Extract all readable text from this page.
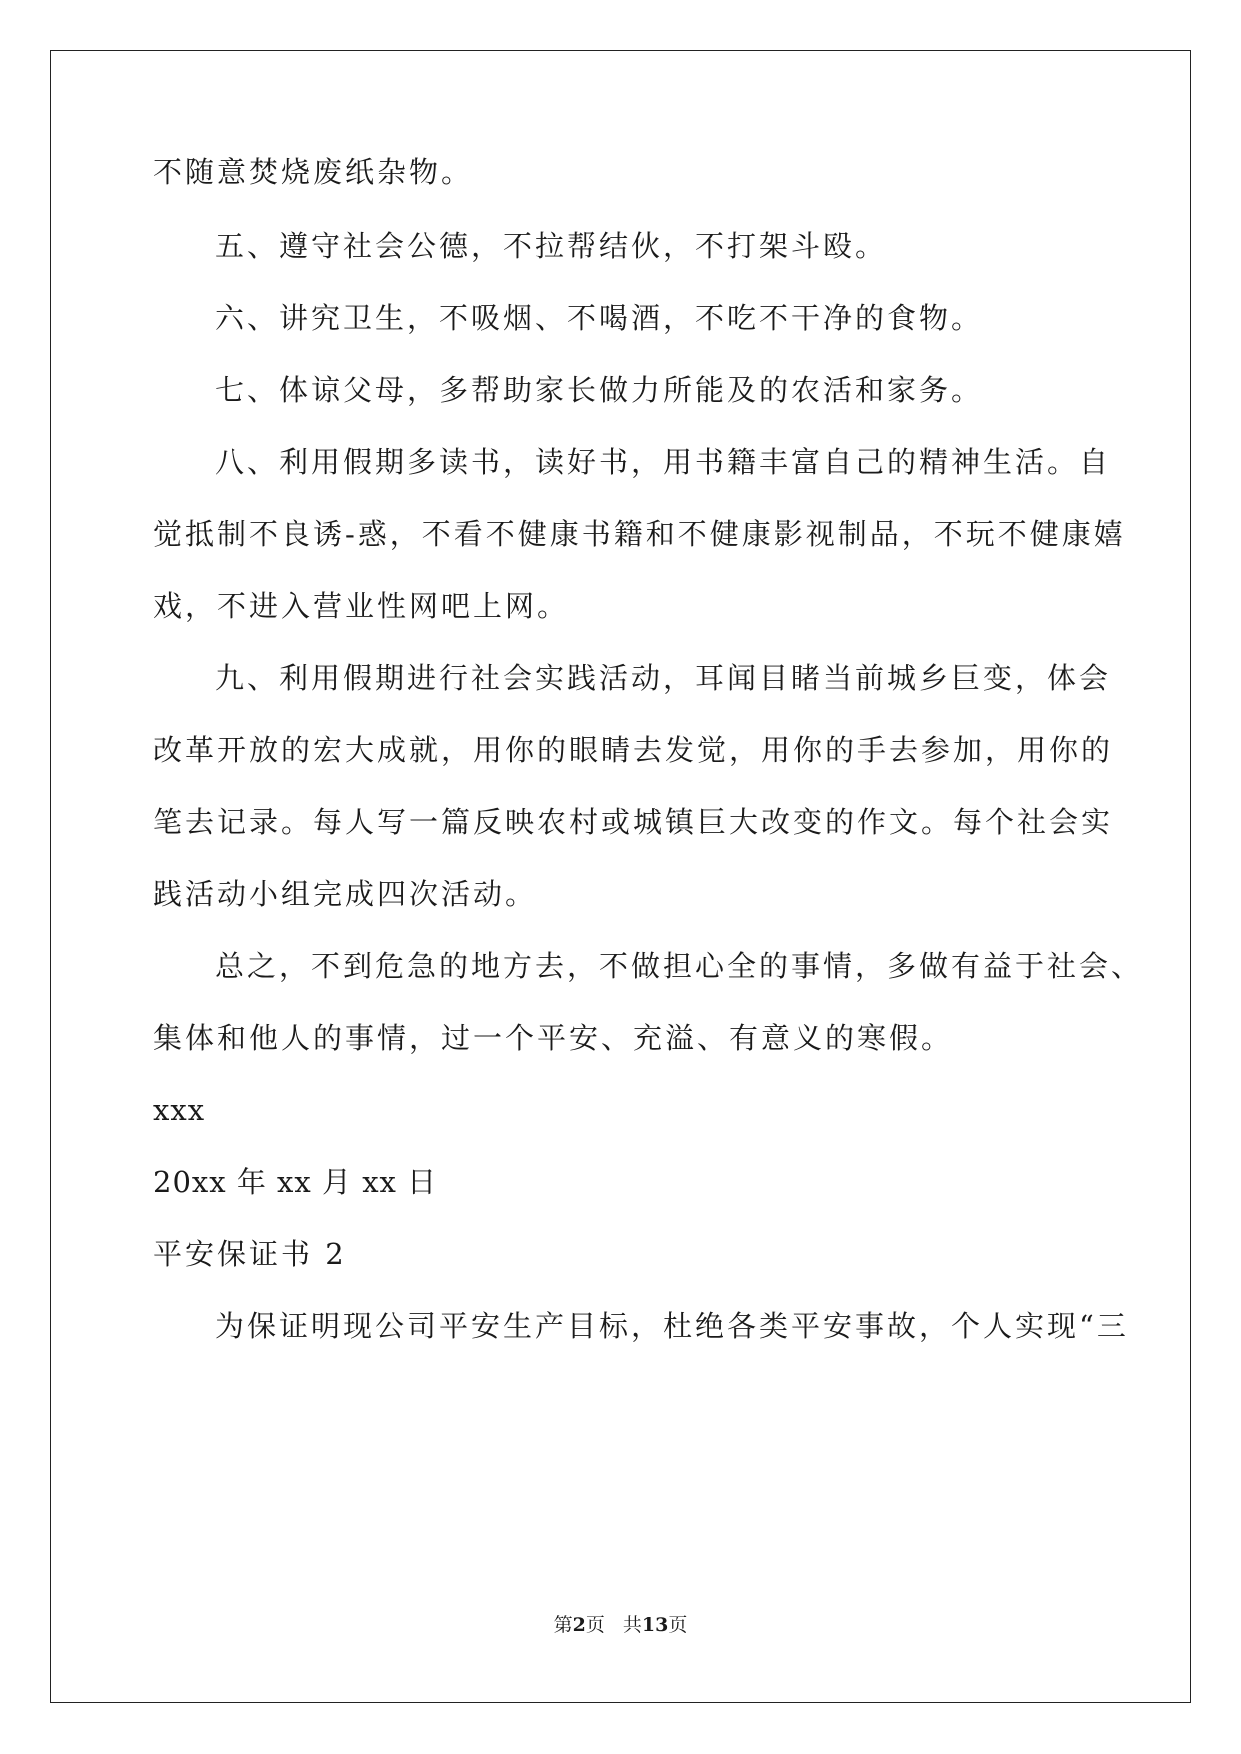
不随意焚烧废纸杂物。
五、遵守社会公德，不拉帮结伙，不打架斗殴。
六、讲究卫生，不吸烟、不喝酒，不吃不干净的食物。
七、体谅父母，多帮助家长做力所能及的农活和家务。
八、利用假期多读书，读好书，用书籍丰富自己的精神生活。自
觉抵制不良诱-惑，不看不健康书籍和不健康影视制品，不玩不健康嬉
戏，不进入营业性网吧上网。
九、利用假期进行社会实践活动，耳闻目睹当前城乡巨变，体会
改革开放的宏大成就，用你的眼睛去发觉，用你的手去参加，用你的
笔去记录。每人写一篇反映农村或城镇巨大改变的作文。每个社会实
践活动小组完成四次活动。
总之，不到危急的地方去，不做担心全的事情，多做有益于社会、
集体和他人的事情，过一个平安、充溢、有意义的寒假。
xxx
20xx 年 xx 月 xx 日
平安保证书 2
为保证明现公司平安生产目标，杜绝各类平安事故，个人实现“三
第2页 共13页
